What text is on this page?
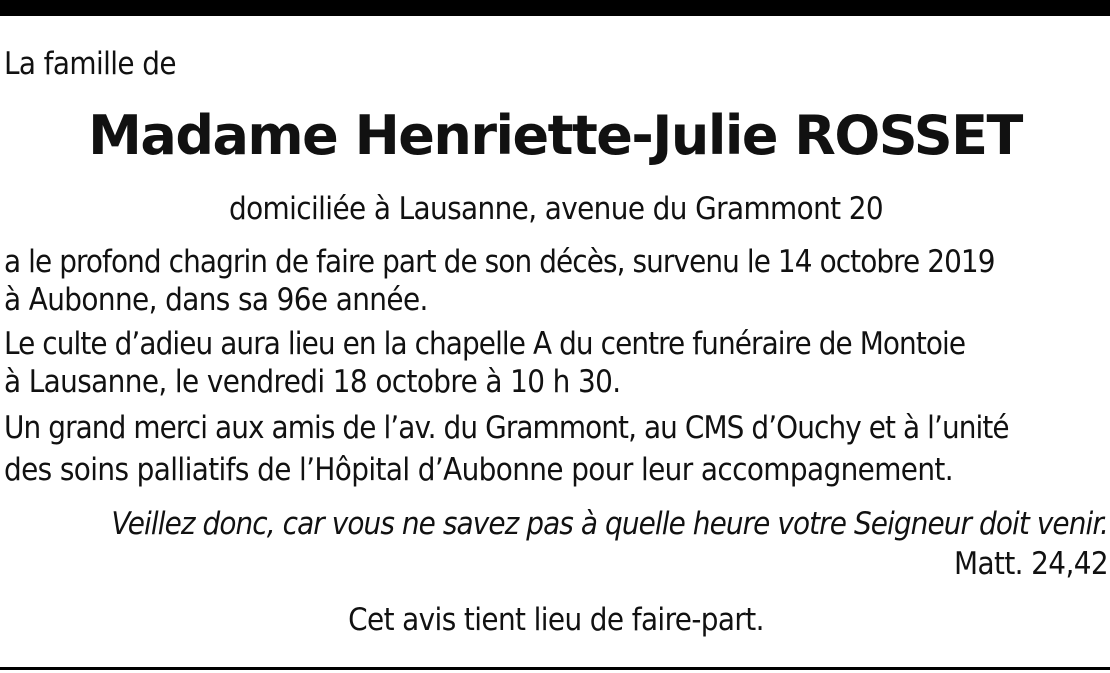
La famille de
Madame Henriette-Julie ROSSET
domiciliée à Lausanne, avenue du Grammont 20
a le profond chagrin de faire part de son décès, survenu le 14 octobre 2019
à Aubonne, dans sa 96e année.
Le culte d’adieu aura lieu en la chapelle A du centre funéraire de Montoie
à Lausanne, le vendredi 18 octobre à 10 h 30.
Un grand merci aux amis de l’av. du Grammont, au CMS d’Ouchy et à l’unité
des soins palliatifs de l’Hôpital d’Aubonne pour leur accompagnement.
Veillez donc, car vous ne savez pas à quelle heure votre Seigneur doit venir.
Matt. 24,42
Cet avis tient lieu de faire-part.
